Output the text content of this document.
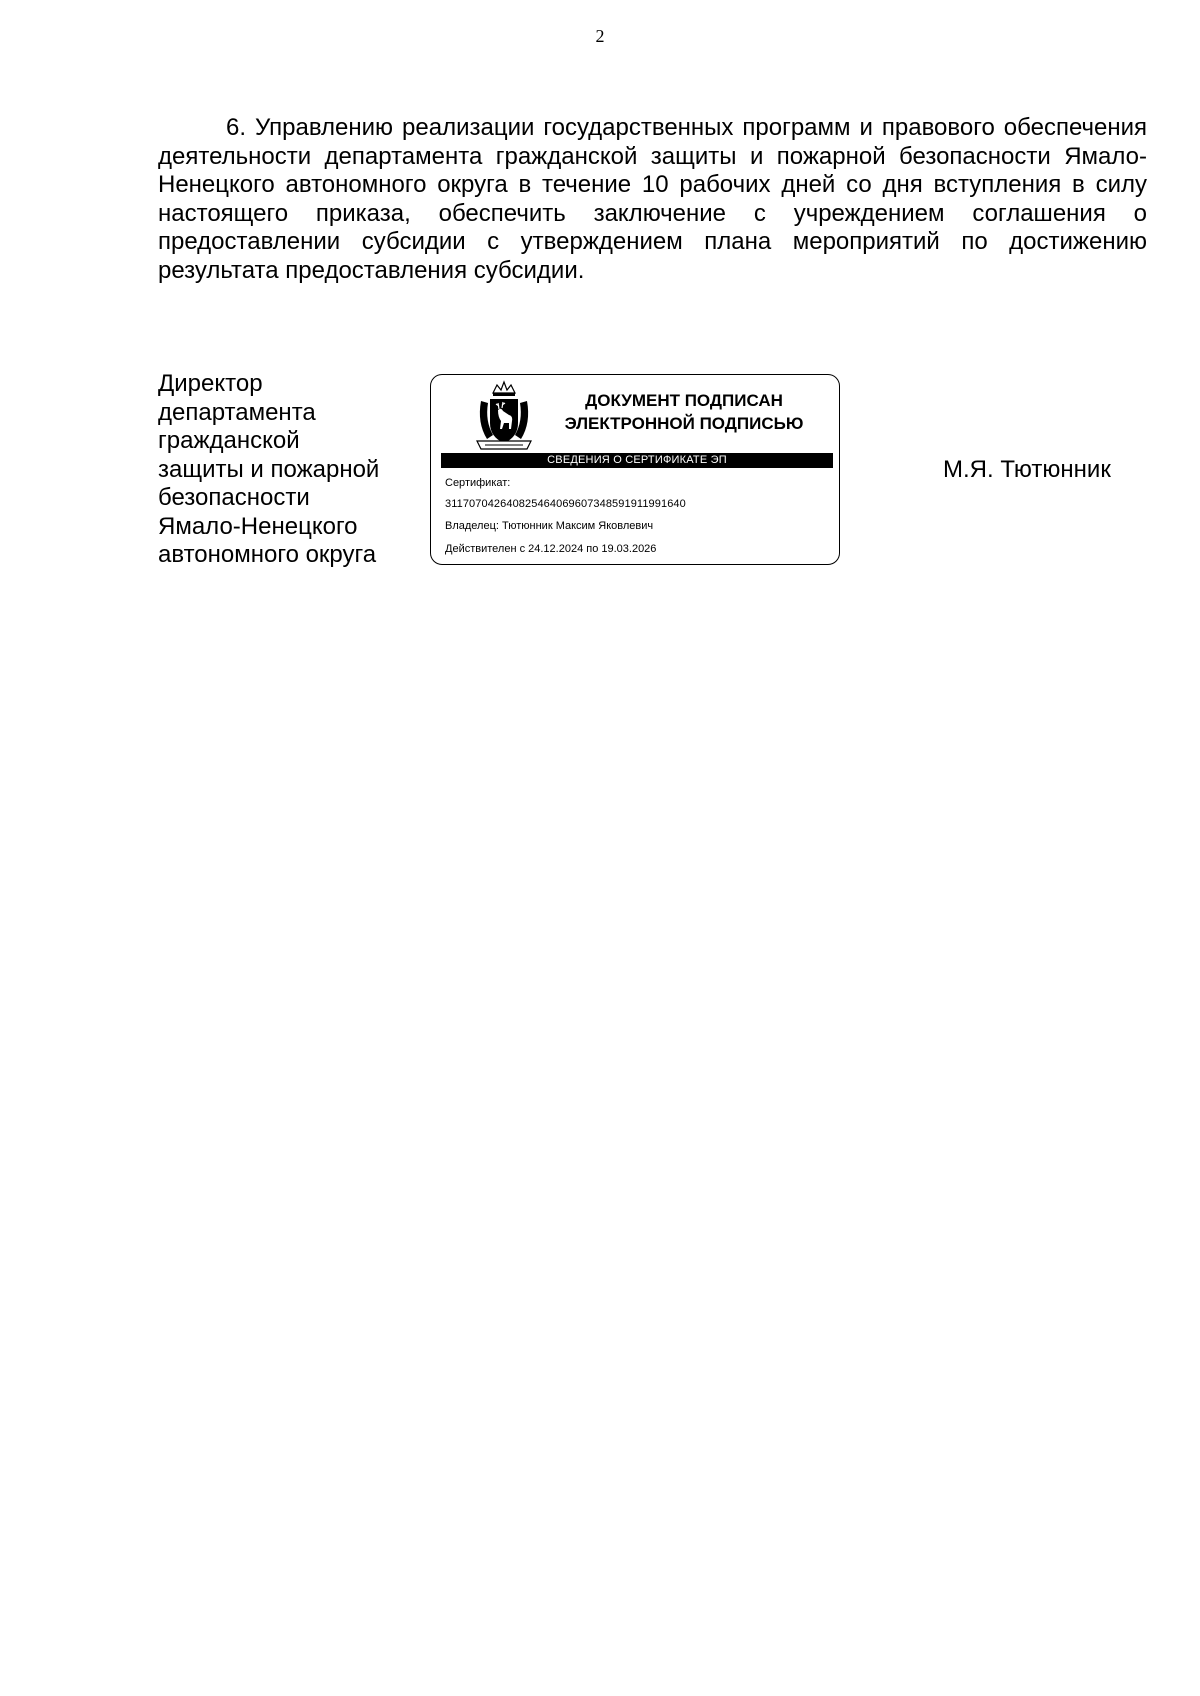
2

6. Управлению реализации государственных программ и правового обеспечения деятельности департамента гражданской защиты и пожарной безопасности Ямало-Ненецкого автономного округа в течение 10 рабочих дней со дня вступления в силу настоящего приказа, обеспечить заключение с учреждением соглашения о предоставлении субсидии с утверждением плана мероприятий по достижению результата предоставления субсидии.

Директор
департамента
гражданской
защиты и пожарной
безопасности
Ямало-Ненецкого
автономного округа
ДОКУМЕНТ ПОДПИСАН
ЭЛЕКТРОННОЙ ПОДПИСЬЮ
СВЕДЕНИЯ О СЕРТИФИКАТЕ ЭП
Сертификат:
311707042640825464069607348591911991640
Владелец: Тютюнник Максим Яковлевич
Действителен с 24.12.2024 по 19.03.2026
М.Я. Тютюнник
